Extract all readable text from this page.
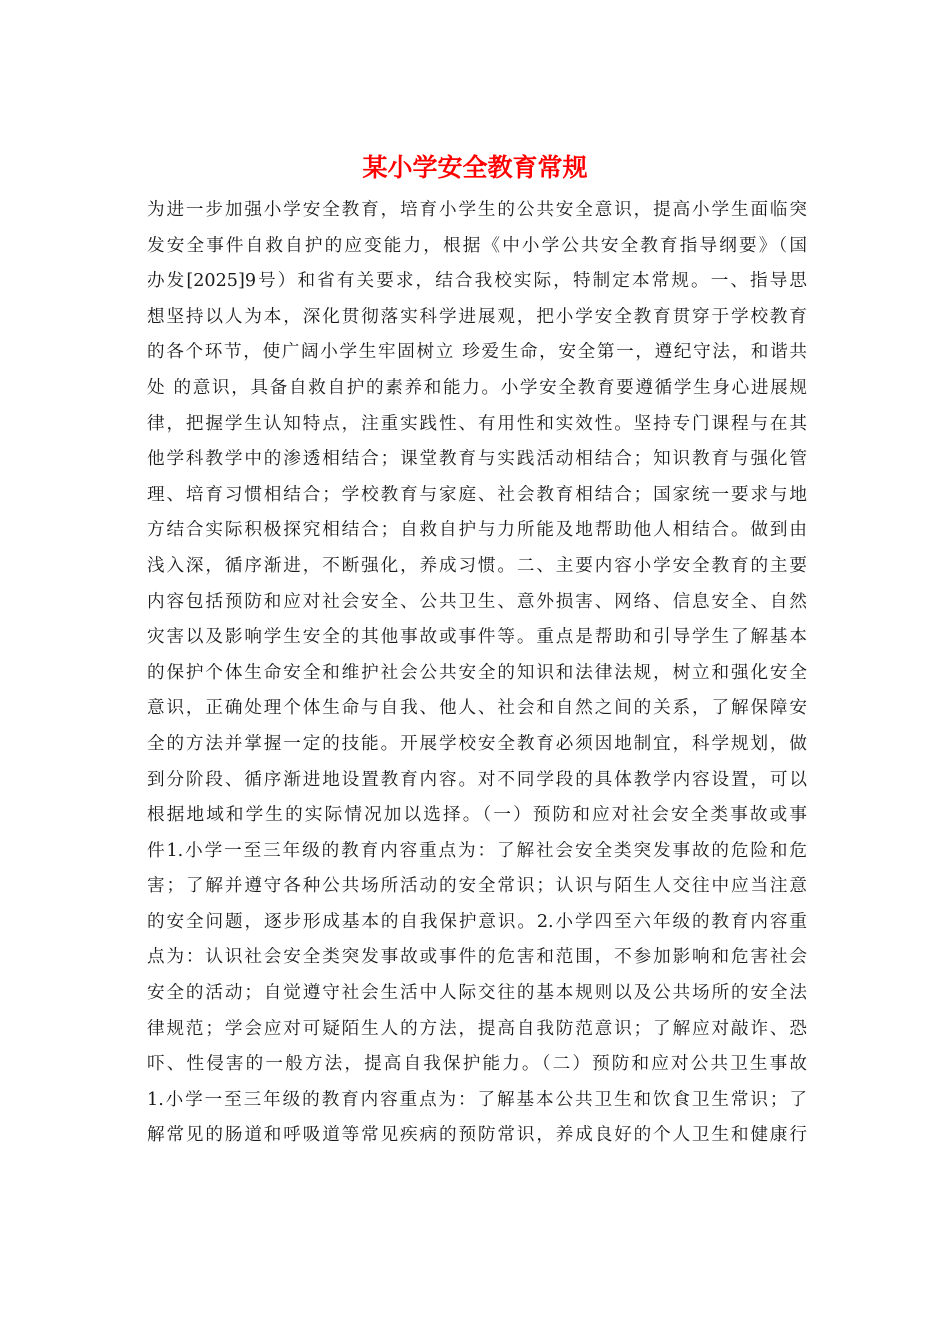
某小学安全教育常规
为进一步加强小学安全教育，培育小学生的公共安全意识，提高小学生面临突
发安全事件自救自护的应变能力，根据《中小学公共安全教育指导纲要》（国
办发[2025]9号）和省有关要求，结合我校实际，特制定本常规。一、指导思
想坚持以人为本，深化贯彻落实科学进展观，把小学安全教育贯穿于学校教育
的各个环节，使广阔小学生牢固树立 珍爱生命，安全第一，遵纪守法，和谐共
处 的意识，具备自救自护的素养和能力。小学安全教育要遵循学生身心进展规
律，把握学生认知特点，注重实践性、有用性和实效性。坚持专门课程与在其
他学科教学中的渗透相结合；课堂教育与实践活动相结合；知识教育与强化管
理、培育习惯相结合；学校教育与家庭、社会教育相结合；国家统一要求与地
方结合实际积极探究相结合；自救自护与力所能及地帮助他人相结合。做到由
浅入深，循序渐进，不断强化，养成习惯。二、主要内容小学安全教育的主要
内容包括预防和应对社会安全、公共卫生、意外损害、网络、信息安全、自然
灾害以及影响学生安全的其他事故或事件等。重点是帮助和引导学生了解基本
的保护个体生命安全和维护社会公共安全的知识和法律法规，树立和强化安全
意识，正确处理个体生命与自我、他人、社会和自然之间的关系，了解保障安
全的方法并掌握一定的技能。开展学校安全教育必须因地制宜，科学规划，做
到分阶段、循序渐进地设置教育内容。对不同学段的具体教学内容设置，可以
根据地域和学生的实际情况加以选择。（一）预防和应对社会安全类事故或事
件1.小学一至三年级的教育内容重点为：了解社会安全类突发事故的危险和危
害；了解并遵守各种公共场所活动的安全常识；认识与陌生人交往中应当注意
的安全问题，逐步形成基本的自我保护意识。2.小学四至六年级的教育内容重
点为：认识社会安全类突发事故或事件的危害和范围，不参加影响和危害社会
安全的活动；自觉遵守社会生活中人际交往的基本规则以及公共场所的安全法
律规范；学会应对可疑陌生人的方法，提高自我防范意识；了解应对敲诈、恐
吓、性侵害的一般方法，提高自我保护能力。（二）预防和应对公共卫生事故
1.小学一至三年级的教育内容重点为：了解基本公共卫生和饮食卫生常识；了
解常见的肠道和呼吸道等常见疾病的预防常识，养成良好的个人卫生和健康行
